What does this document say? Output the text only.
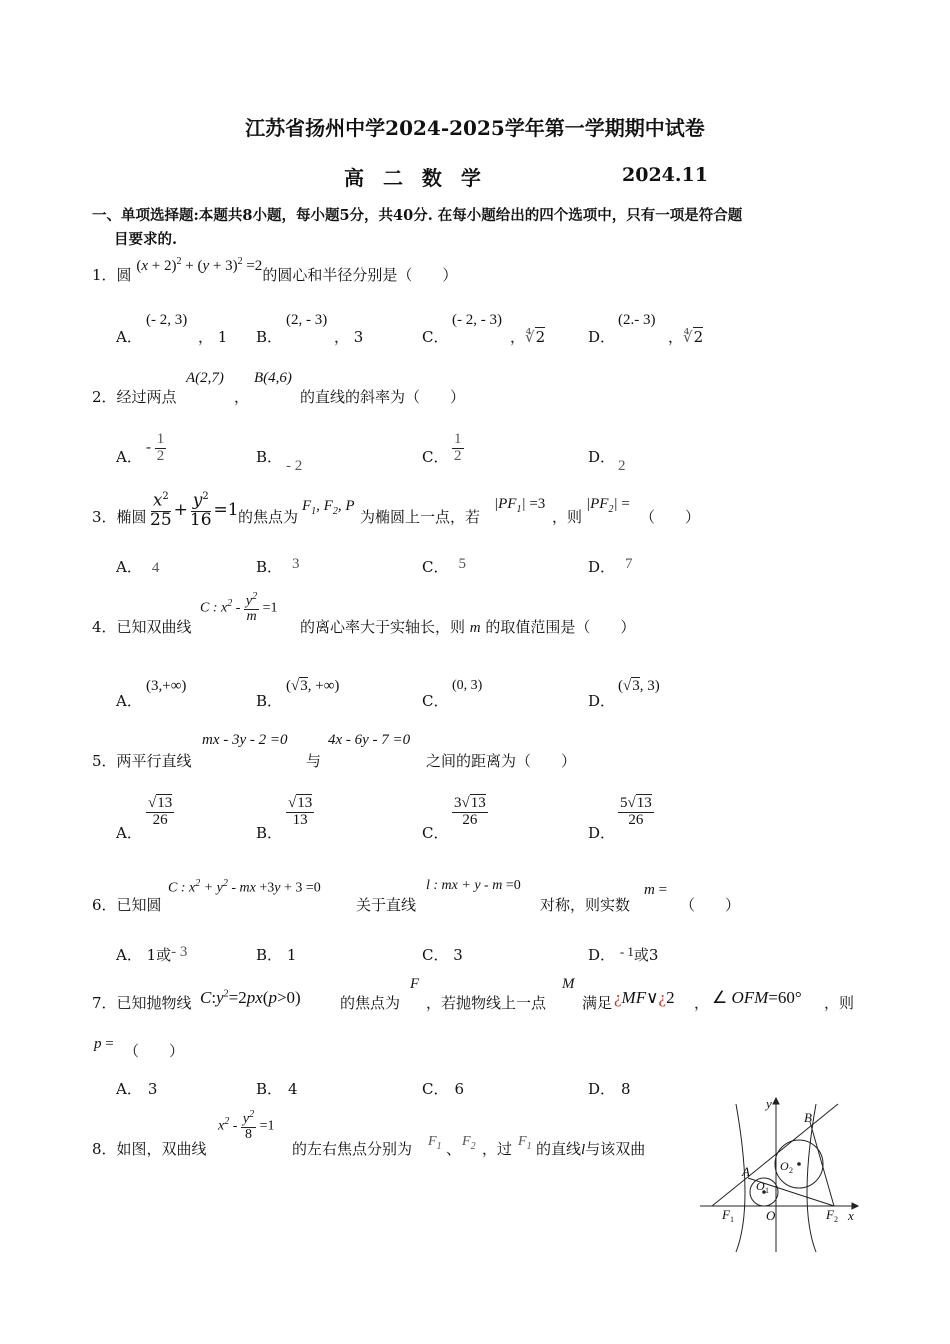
江苏省扬州中学2024-2025学年第一学期期中试卷
高 二 数 学	2024.11
一、单项选择题:本题共8小题，每小题5分，共40分. 在每小题给出的四个选项中，只有一项是符合题
目要求的.
1．圆 $(x + 2)^2 + (y + 3)^2 =2$的圆心和半径分别是（　　）
A．
(- 2, 3)
， 1 B．
(2, - 3)
， 3	C．
(- 2, - 3)
，∜2	D．
(2.- 3)
，∜2
2．经过两点
A(2,7)
，
B(4,6)
的直线的斜率为（　　）
A．
- $\frac{1}{2}$	B． - 2	C． $\frac{1}{2}$	D． 2
3．椭圆 $\frac{x^2}{25} + \frac{y^2}{16} =1$ 的焦点为
$F_1$, $F_2$, P
为椭圆上一点，若
$|PF_1| =3$
，则
$|PF_2|$ =
（　　）
A． 4	B． 3	C． 5	D． 7
4．已知双曲线
C : $x^2 - \frac{y^2}{m} =1$
的离心率大于实轴长，则 m 的取值范围是（　　）
A．
(3,+∞)
B．
(√3, +∞)
C．
(0, 3)
D．
(√3, 3)
5．两平行直线
mx - 3y - 2 =0
与
4x - 6y - 7 =0
之间的距离为（　　）
A．
$\frac{√13}{26}$
B．
$\frac{√13}{13}$
C．
$\frac{3√13}{26}$
D．
$\frac{5√13}{26}$
6．已知圆
C : $x^2 + y^2$ - mx +3y + 3 =0
关于直线
l : mx + y - m =0
对称，则实数
m =
（　　）
A． 1或- 3	B． 1	C． 3	D． - 1或3
7．已知抛物线 $C:y^2=2px(p>0)$	的焦点为
F
，若抛物线上一点
M
满足 ¿MF∨¿2 ， ∠ OFM=60° ，则
p = （　　）
A． 3	B． 4	C． 6	D． 8
8．如图，双曲线
$x^2 - \frac{y^2}{8} =1$
的左右焦点分别为 $F_1$ 、 $F_2$ ，过 $F_1$ 的直线l与该双曲
y
x
B
A
O
O 1
O 2
F 1	F 2
